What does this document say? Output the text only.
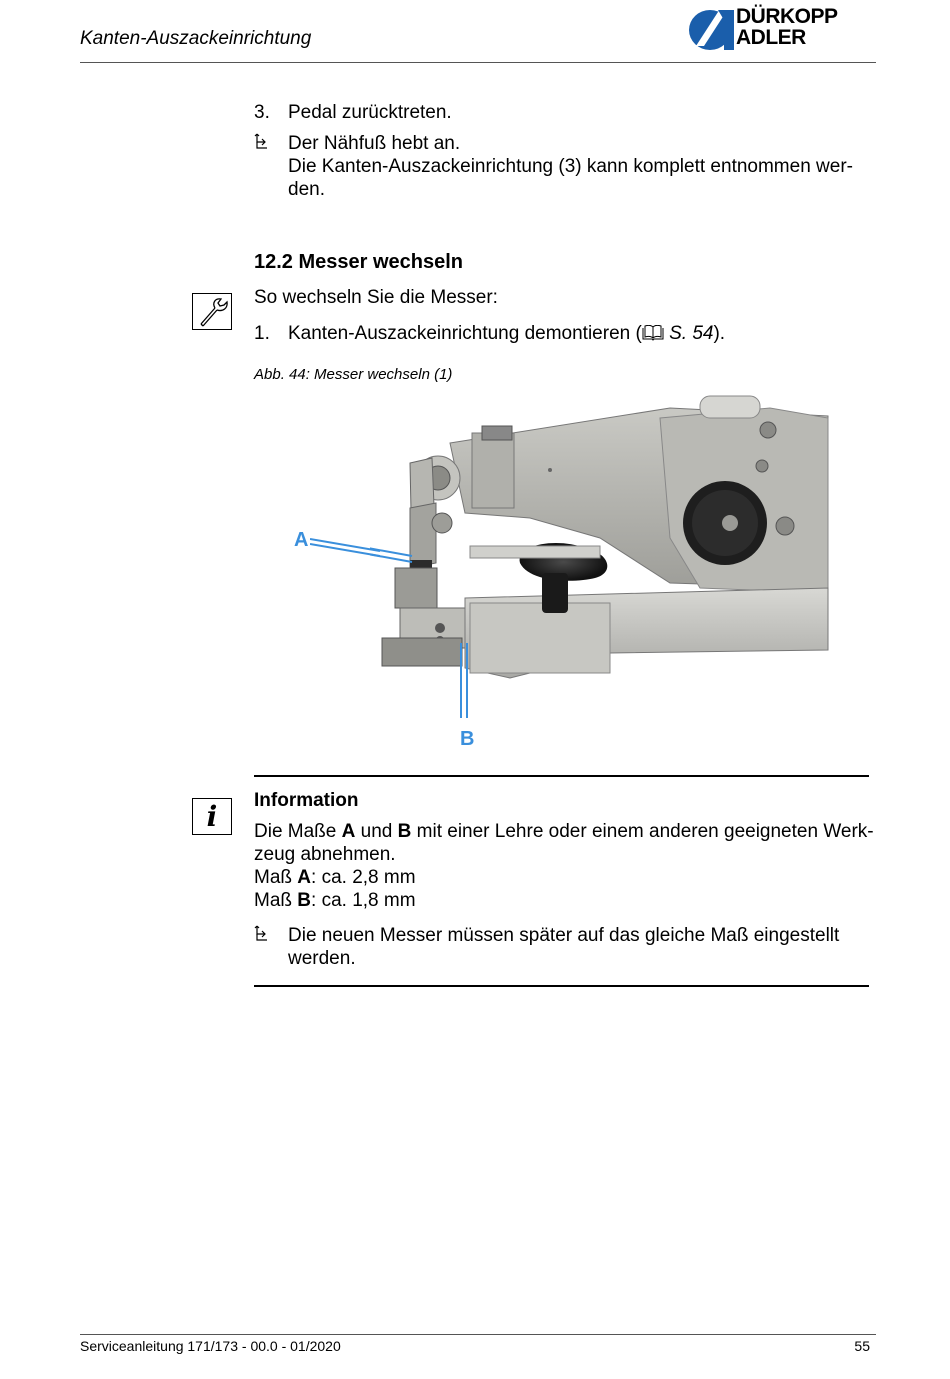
Kanten-Auszackeinrichtung
DÜRKOPP
ADLER
3. Pedal zurücktreten.
Der Nähfuß hebt an.
Die Kanten-Auszackeinrichtung (3) kann komplett entnommen wer-
den.
12.2 Messer wechseln
So wechseln Sie die Messer:
1. Kanten-Auszackeinrichtung demontieren ( S. 54).
Abb. 44: Messer wechseln (1)
A
B
i	Information
Die Maße A und B mit einer Lehre oder einem anderen geeigneten Werk-
zeug abnehmen.
Maß A: ca. 2,8 mm
Maß B: ca. 1,8 mm
Die neuen Messer müssen später auf das gleiche Maß eingestellt
werden.
Serviceanleitung 171/173 - 00.0 - 01/2020	55
